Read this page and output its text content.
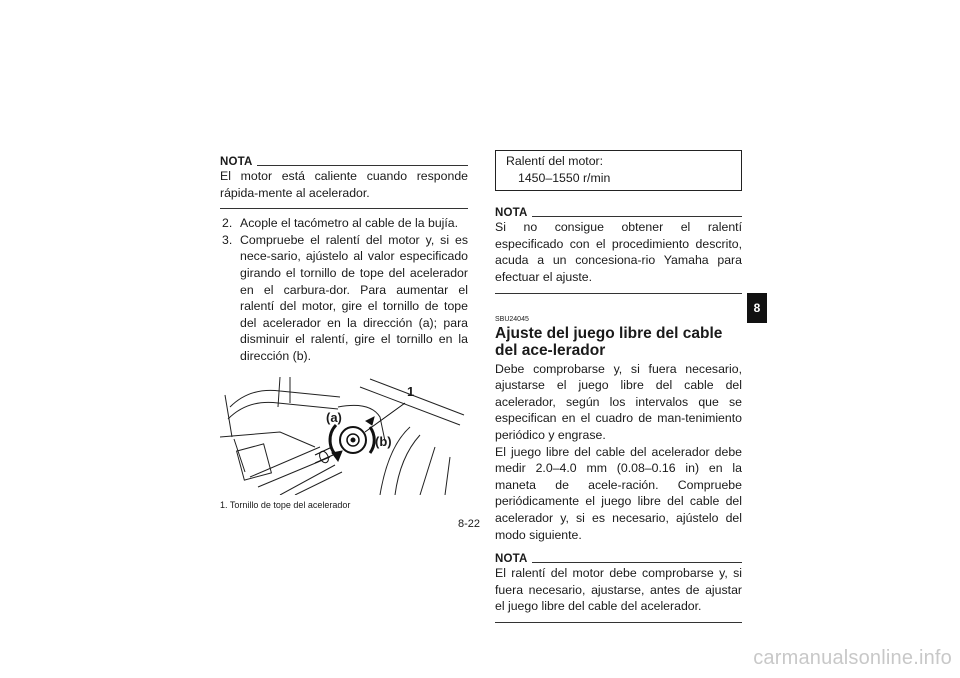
NOTA
El motor está caliente cuando responde rápida-mente al acelerador.
2. Acople el tacómetro al cable de la bujía.
3. Compruebe el ralentí del motor y, si es nece-sario, ajústelo al valor especificado girando el tornillo de tope del acelerador en el carbura-dor. Para aumentar el ralentí del motor, gire el tornillo de tope del acelerador en la dirección (a); para disminuir el ralentí, gire el tornillo en la dirección (b).
1
(a)
(b)
1. Tornillo de tope del acelerador
Ralentí del motor:
1450–1550 r/min
NOTA
Si no consigue obtener el ralentí especificado con el procedimiento descrito, acuda a un concesiona-rio Yamaha para efectuar el ajuste.
SBU24045
Ajuste del juego libre del cable del ace-lerador
Debe comprobarse y, si fuera necesario, ajustarse el juego libre del cable del acelerador, según los intervalos que se especifican en el cuadro de man-tenimiento periódico y engrase.
El juego libre del cable del acelerador debe medir 2.0–4.0 mm (0.08–0.16 in) en la maneta de acele-ración. Compruebe periódicamente el juego libre del cable del acelerador y, si es necesario, ajústelo del modo siguiente.
NOTA
El ralentí del motor debe comprobarse y, si fuera necesario, ajustarse, antes de ajustar el juego libre del cable del acelerador.
8
8-22
carmanualsonline.info
